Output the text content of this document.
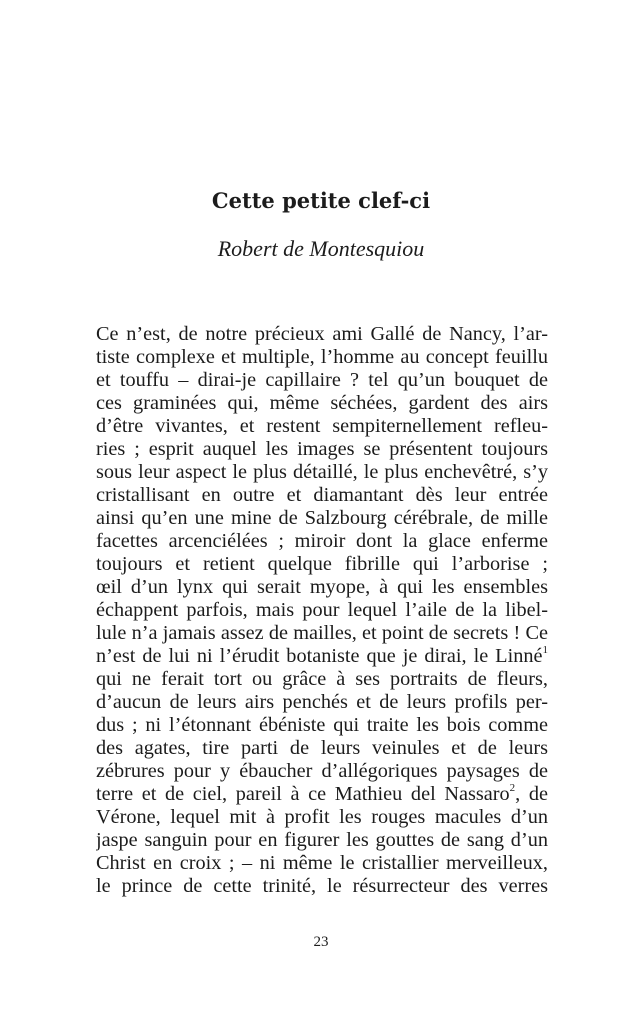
Cette petite clef-ci
Robert de Montesquiou
Ce n’est, de notre précieux ami Gallé de Nancy, l’ar-
tiste complexe et multiple, l’homme au concept feuillu
et touffu – dirai-je capillaire ? tel qu’un bouquet de
ces graminées qui, même séchées, gardent des airs
d’être vivantes, et restent sempiternellement refleu-
ries ; esprit auquel les images se présentent toujours
sous leur aspect le plus détaillé, le plus enchevêtré, s’y
cristallisant en outre et diamantant dès leur entrée
ainsi qu’en une mine de Salzbourg cérébrale, de mille
facettes arcenciélées ; miroir dont la glace enferme
toujours et retient quelque fibrille qui l’arborise ;
œil d’un lynx qui serait myope, à qui les ensembles
échappent parfois, mais pour lequel l’aile de la libel-
lule n’a jamais assez de mailles, et point de secrets ! Ce
n’est de lui ni l’érudit botaniste que je dirai, le Linné$^1$
qui ne ferait tort ou grâce à ses portraits de fleurs,
d’aucun de leurs airs penchés et de leurs profils per-
dus ; ni l’étonnant ébéniste qui traite les bois comme
des agates, tire parti de leurs veinules et de leurs
zébrures pour y ébaucher d’allégoriques paysages de
terre et de ciel, pareil à ce Mathieu del Nassaro$^2$, de
Vérone, lequel mit à profit les rouges macules d’un
jaspe sanguin pour en figurer les gouttes de sang d’un
Christ en croix ; – ni même le cristallier merveilleux,
le prince de cette trinité, le résurrecteur des verres
23
